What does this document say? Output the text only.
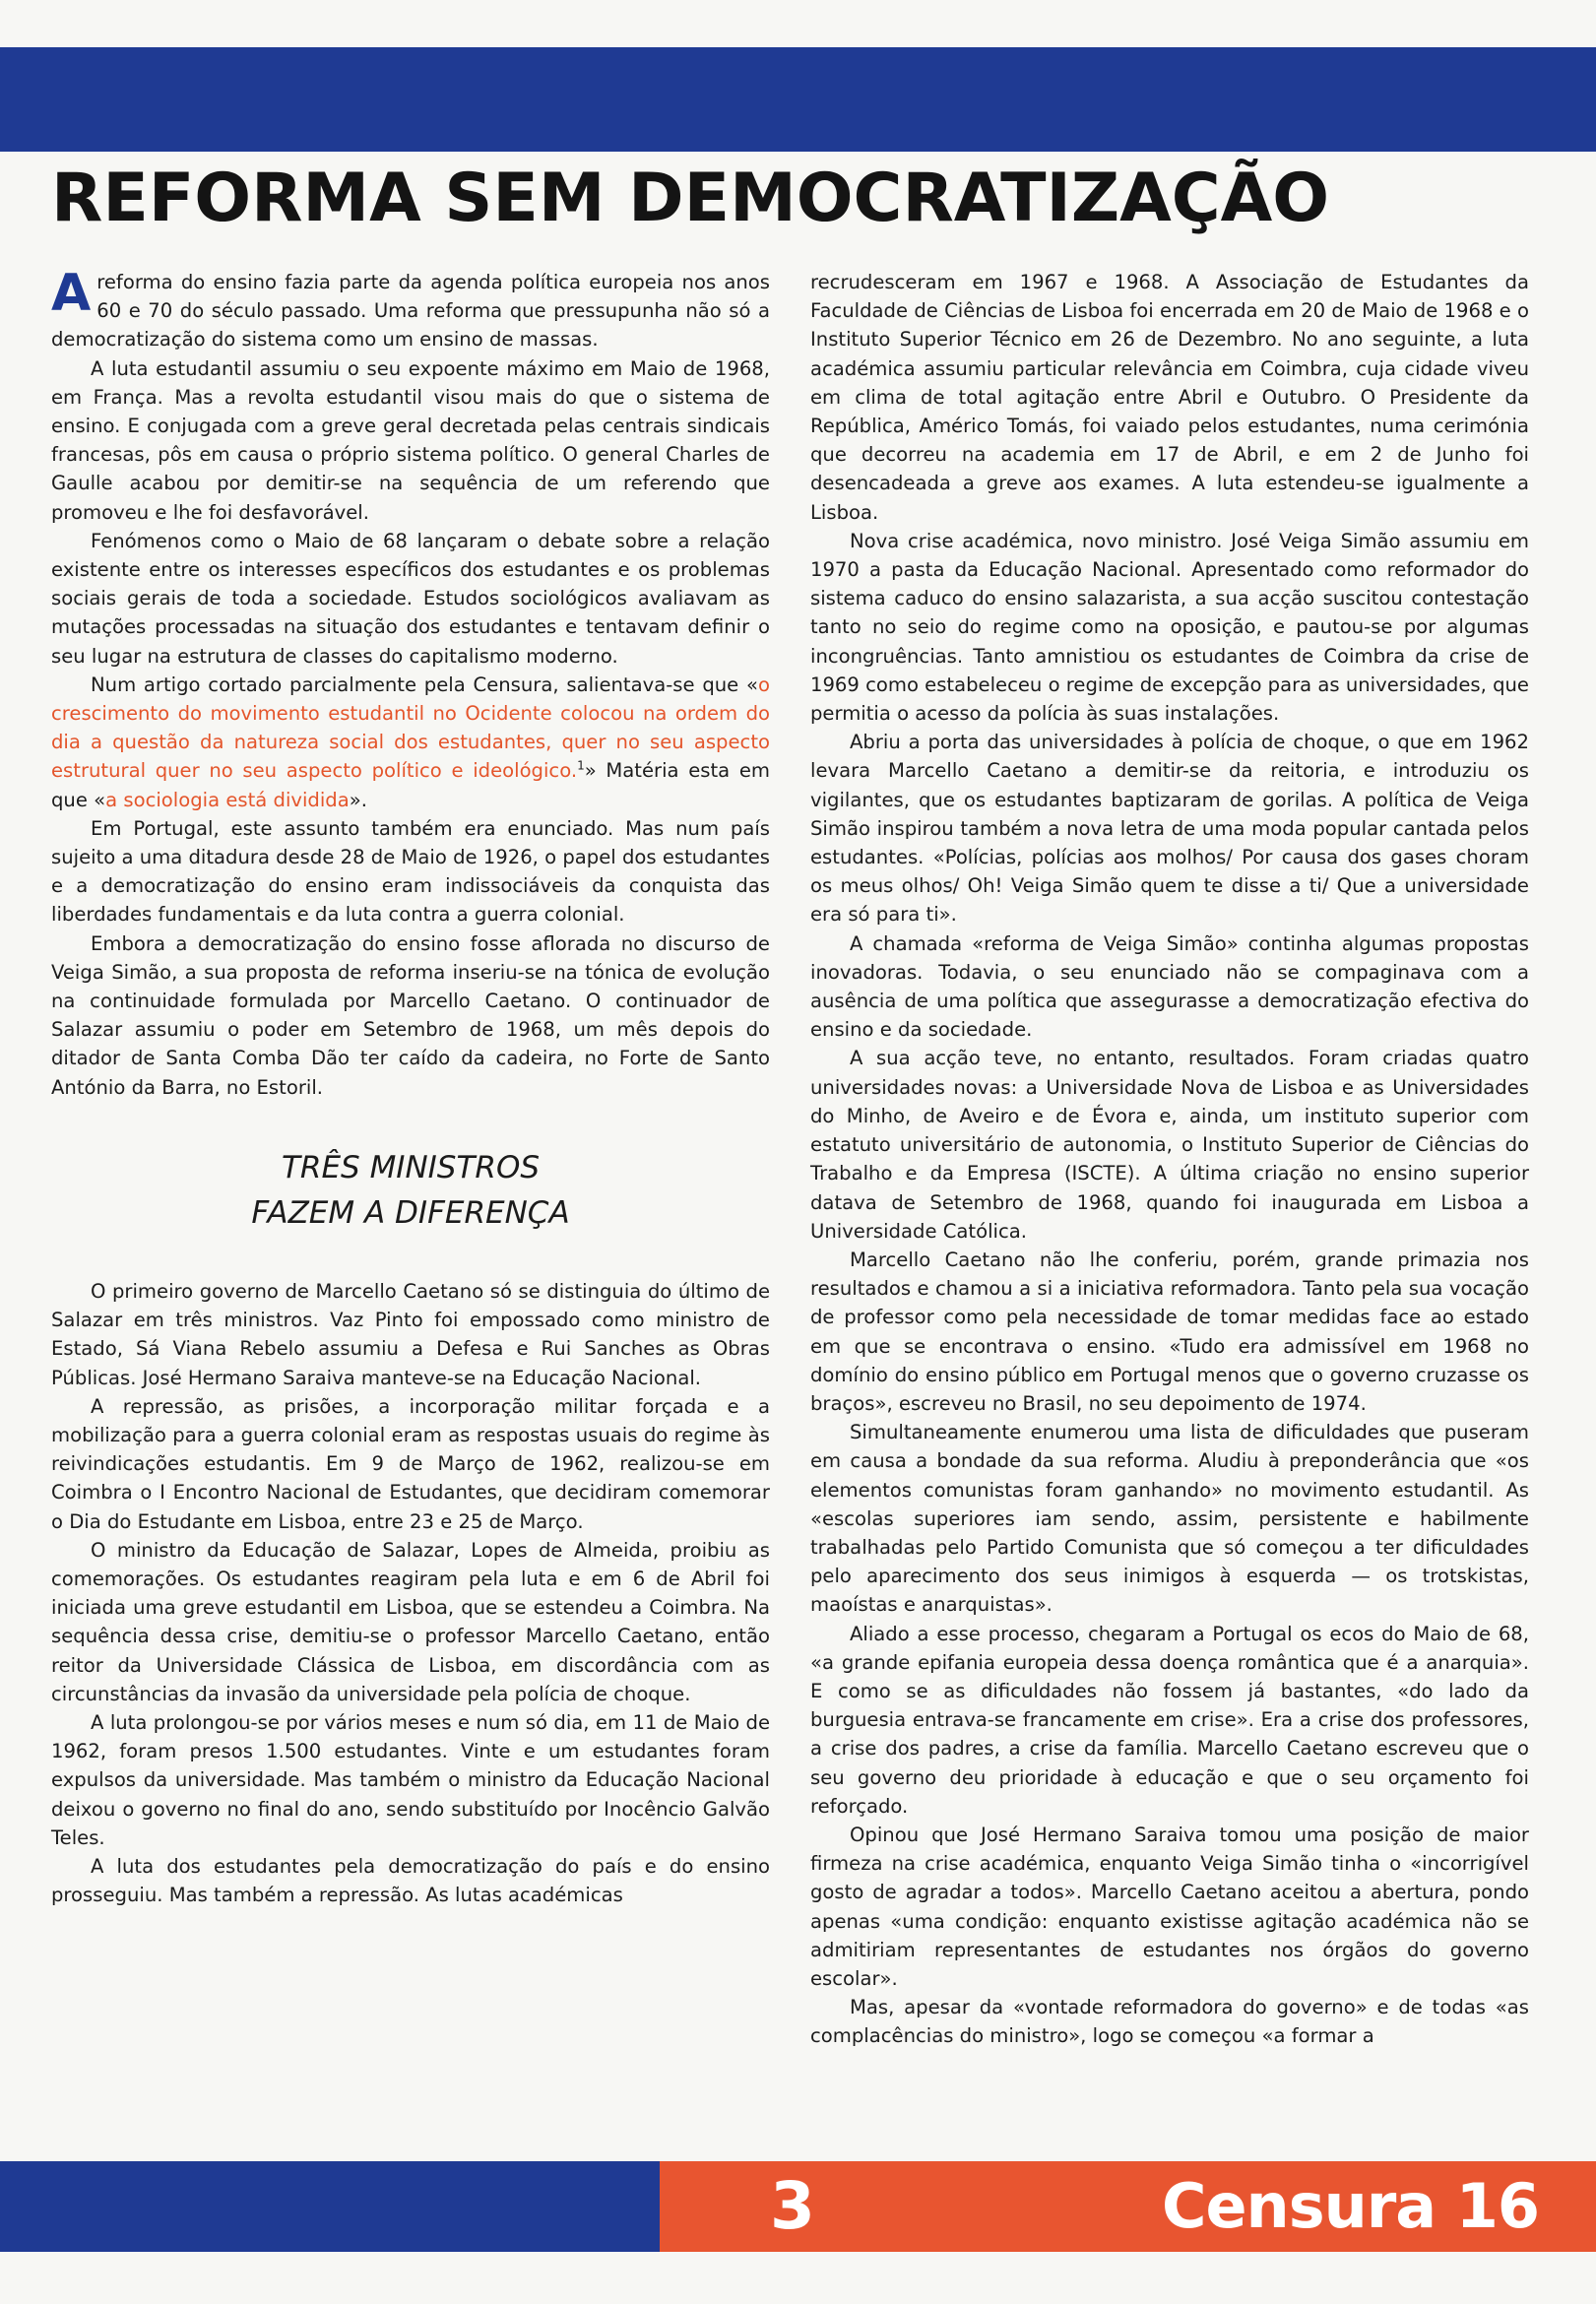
REFORMA SEM DEMOCRATIZAÇÃO

A reforma do ensino fazia parte da agenda política europeia nos anos 60 e 70 do século passado. Uma reforma que pressupunha não só a democratização do sistema como um ensino de massas.

A luta estudantil assumiu o seu expoente máximo em Maio de 1968, em França. Mas a revolta estudantil visou mais do que o sistema de ensino. E conjugada com a greve geral decretada pelas centrais sindicais francesas, pôs em causa o próprio sistema político. O general Charles de Gaulle acabou por demitir-se na sequência de um referendo que promoveu e lhe foi desfavorável.

Fenómenos como o Maio de 68 lançaram o debate sobre a relação existente entre os interesses específicos dos estudantes e os problemas sociais gerais de toda a sociedade. Estudos sociológicos avaliavam as mutações processadas na situação dos estudantes e tentavam definir o seu lugar na estrutura de classes do capitalismo moderno.

Num artigo cortado parcialmente pela Censura, salientava-se que «o crescimento do movimento estudantil no Ocidente colocou na ordem do dia a questão da natureza social dos estudantes, quer no seu aspecto estrutural quer no seu aspecto político e ideológico.$^1$» Matéria esta em que «a sociologia está dividida».

Em Portugal, este assunto também era enunciado. Mas num país sujeito a uma ditadura desde 28 de Maio de 1926, o papel dos estudantes e a democratização do ensino eram indissociáveis da conquista das liberdades fundamentais e da luta contra a guerra colonial.

Embora a democratização do ensino fosse aflorada no discurso de Veiga Simão, a sua proposta de reforma inseriu-se na tónica de evolução na continuidade formulada por Marcello Caetano. O continuador de Salazar assumiu o poder em Setembro de 1968, um mês depois do ditador de Santa Comba Dão ter caído da cadeira, no Forte de Santo António da Barra, no Estoril.

TRÊS MINISTROS
FAZEM A DIFERENÇA

O primeiro governo de Marcello Caetano só se distinguia do último de Salazar em três ministros. Vaz Pinto foi empossado como ministro de Estado, Sá Viana Rebelo assumiu a Defesa e Rui Sanches as Obras Públicas. José Hermano Saraiva manteve-se na Educação Nacional.

A repressão, as prisões, a incorporação militar forçada e a mobilização para a guerra colonial eram as respostas usuais do regime às reivindicações estudantis. Em 9 de Março de 1962, realizou-se em Coimbra o I Encontro Nacional de Estudantes, que decidiram comemorar o Dia do Estudante em Lisboa, entre 23 e 25 de Março.

O ministro da Educação de Salazar, Lopes de Almeida, proibiu as comemorações. Os estudantes reagiram pela luta e em 6 de Abril foi iniciada uma greve estudantil em Lisboa, que se estendeu a Coimbra. Na sequência dessa crise, demitiu-se o professor Marcello Caetano, então reitor da Universidade Clássica de Lisboa, em discordância com as circunstâncias da invasão da universidade pela polícia de choque.

A luta prolongou-se por vários meses e num só dia, em 11 de Maio de 1962, foram presos 1.500 estudantes. Vinte e um estudantes foram expulsos da universidade. Mas também o ministro da Educação Nacional deixou o governo no final do ano, sendo substituído por Inocêncio Galvão Teles.

A luta dos estudantes pela democratização do país e do ensino prosseguiu. Mas também a repressão. As lutas académicas

recrudesceram em 1967 e 1968. A Associação de Estudantes da Faculdade de Ciências de Lisboa foi encerrada em 20 de Maio de 1968 e o Instituto Superior Técnico em 26 de Dezembro. No ano seguinte, a luta académica assumiu particular relevância em Coimbra, cuja cidade viveu em clima de total agitação entre Abril e Outubro. O Presidente da República, Américo Tomás, foi vaiado pelos estudantes, numa cerimónia que decorreu na academia em 17 de Abril, e em 2 de Junho foi desencadeada a greve aos exames. A luta estendeu-se igualmente a Lisboa.

Nova crise académica, novo ministro. José Veiga Simão assumiu em 1970 a pasta da Educação Nacional. Apresentado como reformador do sistema caduco do ensino salazarista, a sua acção suscitou contestação tanto no seio do regime como na oposição, e pautou-se por algumas incongruências. Tanto amnistiou os estudantes de Coimbra da crise de 1969 como estabeleceu o regime de excepção para as universidades, que permitia o acesso da polícia às suas instalações.

Abriu a porta das universidades à polícia de choque, o que em 1962 levara Marcello Caetano a demitir-se da reitoria, e introduziu os vigilantes, que os estudantes baptizaram de gorilas. A política de Veiga Simão inspirou também a nova letra de uma moda popular cantada pelos estudantes. «Polícias, polícias aos molhos/ Por causa dos gases choram os meus olhos/ Oh! Veiga Simão quem te disse a ti/ Que a universidade era só para ti».

A chamada «reforma de Veiga Simão» continha algumas propostas inovadoras. Todavia, o seu enunciado não se compaginava com a ausência de uma política que assegurasse a democratização efectiva do ensino e da sociedade.

A sua acção teve, no entanto, resultados. Foram criadas quatro universidades novas: a Universidade Nova de Lisboa e as Universidades do Minho, de Aveiro e de Évora e, ainda, um instituto superior com estatuto universitário de autonomia, o Instituto Superior de Ciências do Trabalho e da Empresa (ISCTE). A última criação no ensino superior datava de Setembro de 1968, quando foi inaugurada em Lisboa a Universidade Católica.

Marcello Caetano não lhe conferiu, porém, grande primazia nos resultados e chamou a si a iniciativa reformadora. Tanto pela sua vocação de professor como pela necessidade de tomar medidas face ao estado em que se encontrava o ensino. «Tudo era admissível em 1968 no domínio do ensino público em Portugal menos que o governo cruzasse os braços», escreveu no Brasil, no seu depoimento de 1974.

Simultaneamente enumerou uma lista de dificuldades que puseram em causa a bondade da sua reforma. Aludiu à preponderância que «os elementos comunistas foram ganhando» no movimento estudantil. As «escolas superiores iam sendo, assim, persistente e habilmente trabalhadas pelo Partido Comunista que só começou a ter dificuldades pelo aparecimento dos seus inimigos à esquerda — os trotskistas, maoístas e anarquistas».

Aliado a esse processo, chegaram a Portugal os ecos do Maio de 68, «a grande epifania europeia dessa doença romântica que é a anarquia». E como se as dificuldades não fossem já bastantes, «do lado da burguesia entrava-se francamente em crise». Era a crise dos professores, a crise dos padres, a crise da família. Marcello Caetano escreveu que o seu governo deu prioridade à educação e que o seu orçamento foi reforçado.

Opinou que José Hermano Saraiva tomou uma posição de maior firmeza na crise académica, enquanto Veiga Simão tinha o «incorrigível gosto de agradar a todos». Marcello Caetano aceitou a abertura, pondo apenas «uma condição: enquanto existisse agitação académica não se admitiriam representantes de estudantes nos órgãos do governo escolar».

Mas, apesar da «vontade reformadora do governo» e de todas «as complacências do ministro», logo se começou «a formar a

3	Censura 16
